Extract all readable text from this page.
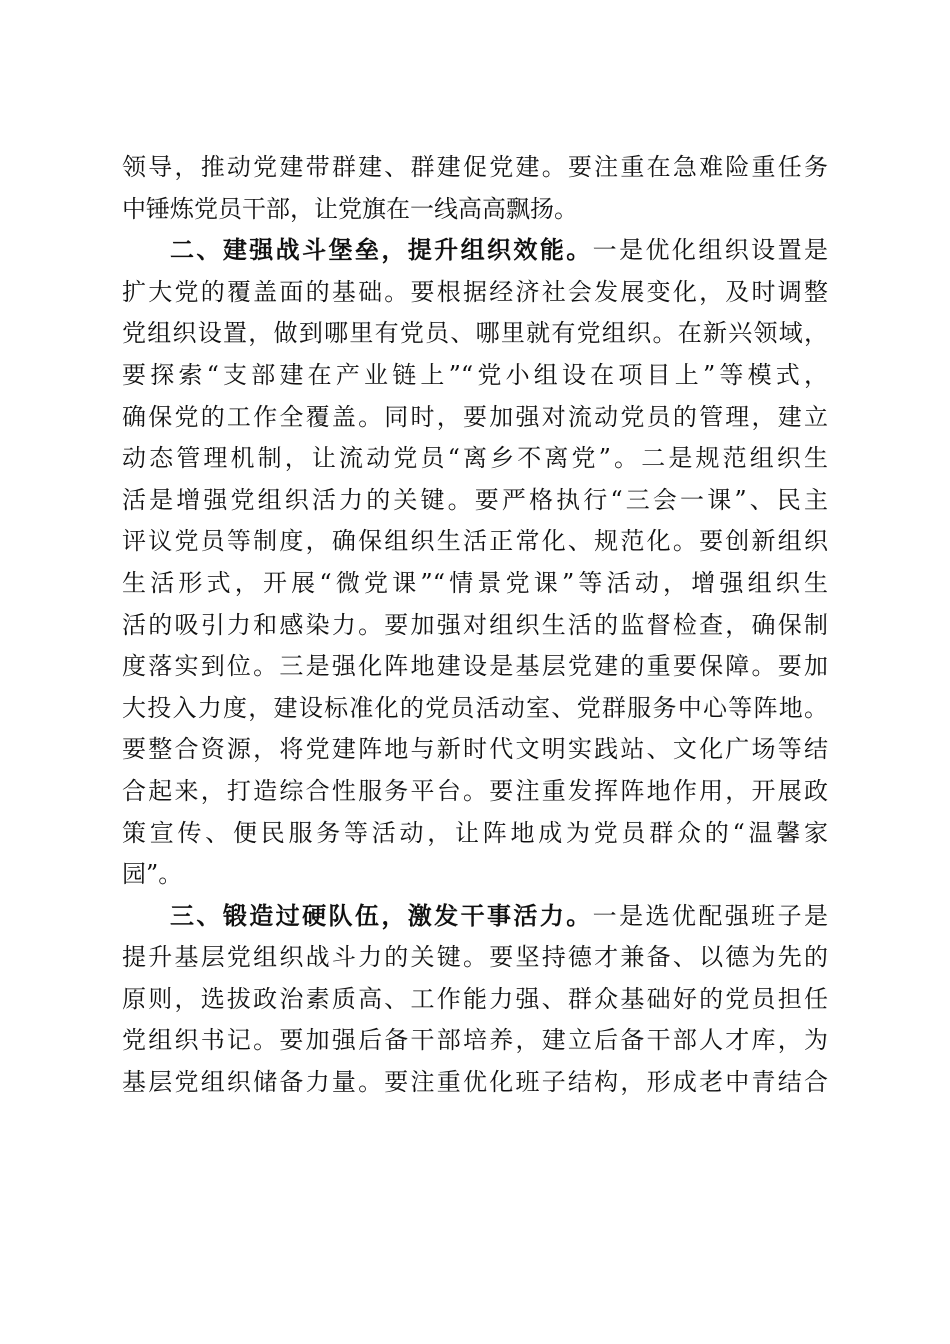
领导，推动党建带群建、群建促党建。要注重在急难险重任务
中锤炼党员干部，让党旗在一线高高飘扬。
二、建强战斗堡垒，提升组织效能。一是优化组织设置是
扩大党的覆盖面的基础。要根据经济社会发展变化，及时调整
党组织设置，做到哪里有党员、哪里就有党组织。在新兴领域，
要探索“支部建在产业链上”“党小组设在项目上”等模式，
确保党的工作全覆盖。同时，要加强对流动党员的管理，建立
动态管理机制，让流动党员“离乡不离党”。二是规范组织生
活是增强党组织活力的关键。要严格执行“三会一课”、民主
评议党员等制度，确保组织生活正常化、规范化。要创新组织
生活形式，开展“微党课”“情景党课”等活动，增强组织生
活的吸引力和感染力。要加强对组织生活的监督检查，确保制
度落实到位。三是强化阵地建设是基层党建的重要保障。要加
大投入力度，建设标准化的党员活动室、党群服务中心等阵地。
要整合资源，将党建阵地与新时代文明实践站、文化广场等结
合起来，打造综合性服务平台。要注重发挥阵地作用，开展政
策宣传、便民服务等活动，让阵地成为党员群众的“温馨家
园”。
三、锻造过硬队伍，激发干事活力。一是选优配强班子是
提升基层党组织战斗力的关键。要坚持德才兼备、以德为先的
原则，选拔政治素质高、工作能力强、群众基础好的党员担任
党组织书记。要加强后备干部培养，建立后备干部人才库，为
基层党组织储备力量。要注重优化班子结构，形成老中青结合
